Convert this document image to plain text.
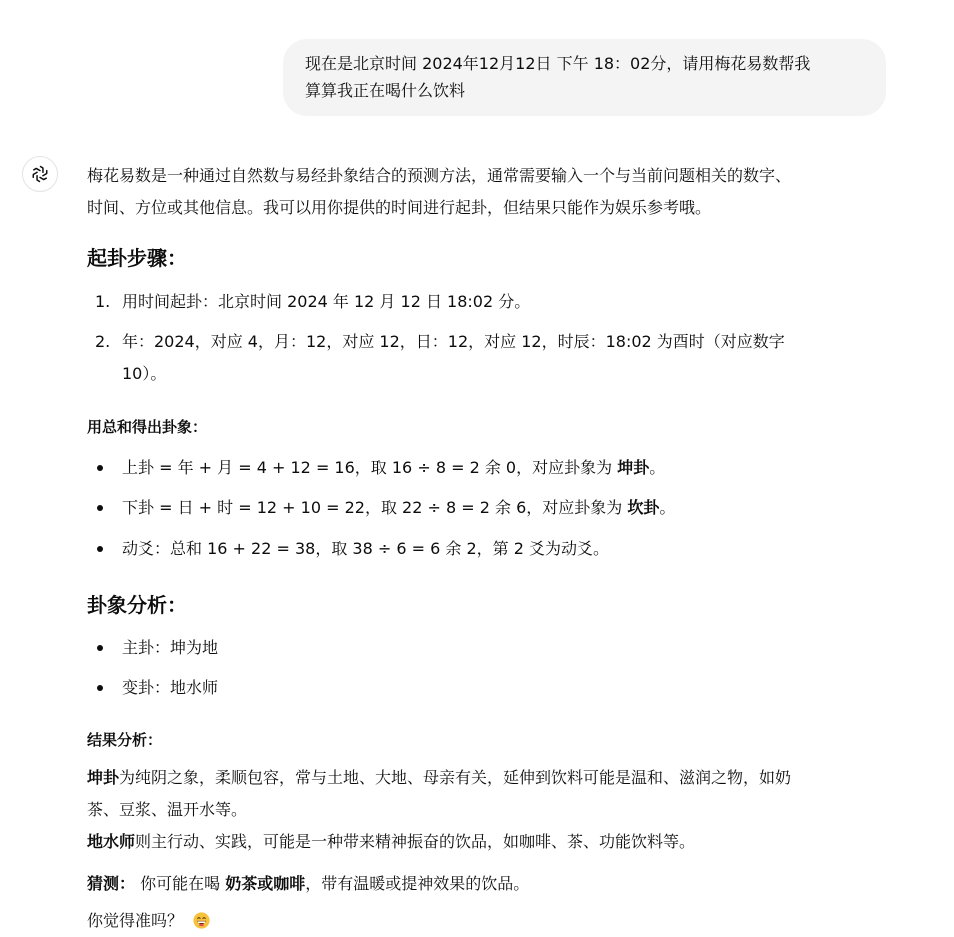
现在是北京时间 2024年12月12日 下午 18：02分，请用梅花易数帮我
算算我正在喝什么饮料
梅花易数是一种通过自然数与易经卦象结合的预测方法，通常需要输入一个与当前问题相关的数字、
时间、方位或其他信息。我可以用你提供的时间进行起卦，但结果只能作为娱乐参考哦。
起卦步骤：
1. 用时间起卦：北京时间 2024 年 12 月 12 日 18:02 分。
2. 年：2024，对应 4，月：12，对应 12，日：12，对应 12，时辰：18:02 为酉时（对应数字
10）。
用总和得出卦象：
上卦 = 年 + 月 = 4 + 12 = 16，取 16 ÷ 8 = 2 余 0，对应卦象为 坤卦。
下卦 = 日 + 时 = 12 + 10 = 22，取 22 ÷ 8 = 2 余 6，对应卦象为 坎卦。
动爻：总和 16 + 22 = 38，取 38 ÷ 6 = 6 余 2，第 2 爻为动爻。
卦象分析：
主卦：坤为地
变卦：地水师
结果分析：
坤卦为纯阴之象，柔顺包容，常与土地、大地、母亲有关，延伸到饮料可能是温和、滋润之物，如奶
茶、豆浆、温开水等。
地水师则主行动、实践，可能是一种带来精神振奋的饮品，如咖啡、茶、功能饮料等。
猜测： 你可能在喝 奶茶或咖啡，带有温暖或提神效果的饮品。
你觉得准吗？
